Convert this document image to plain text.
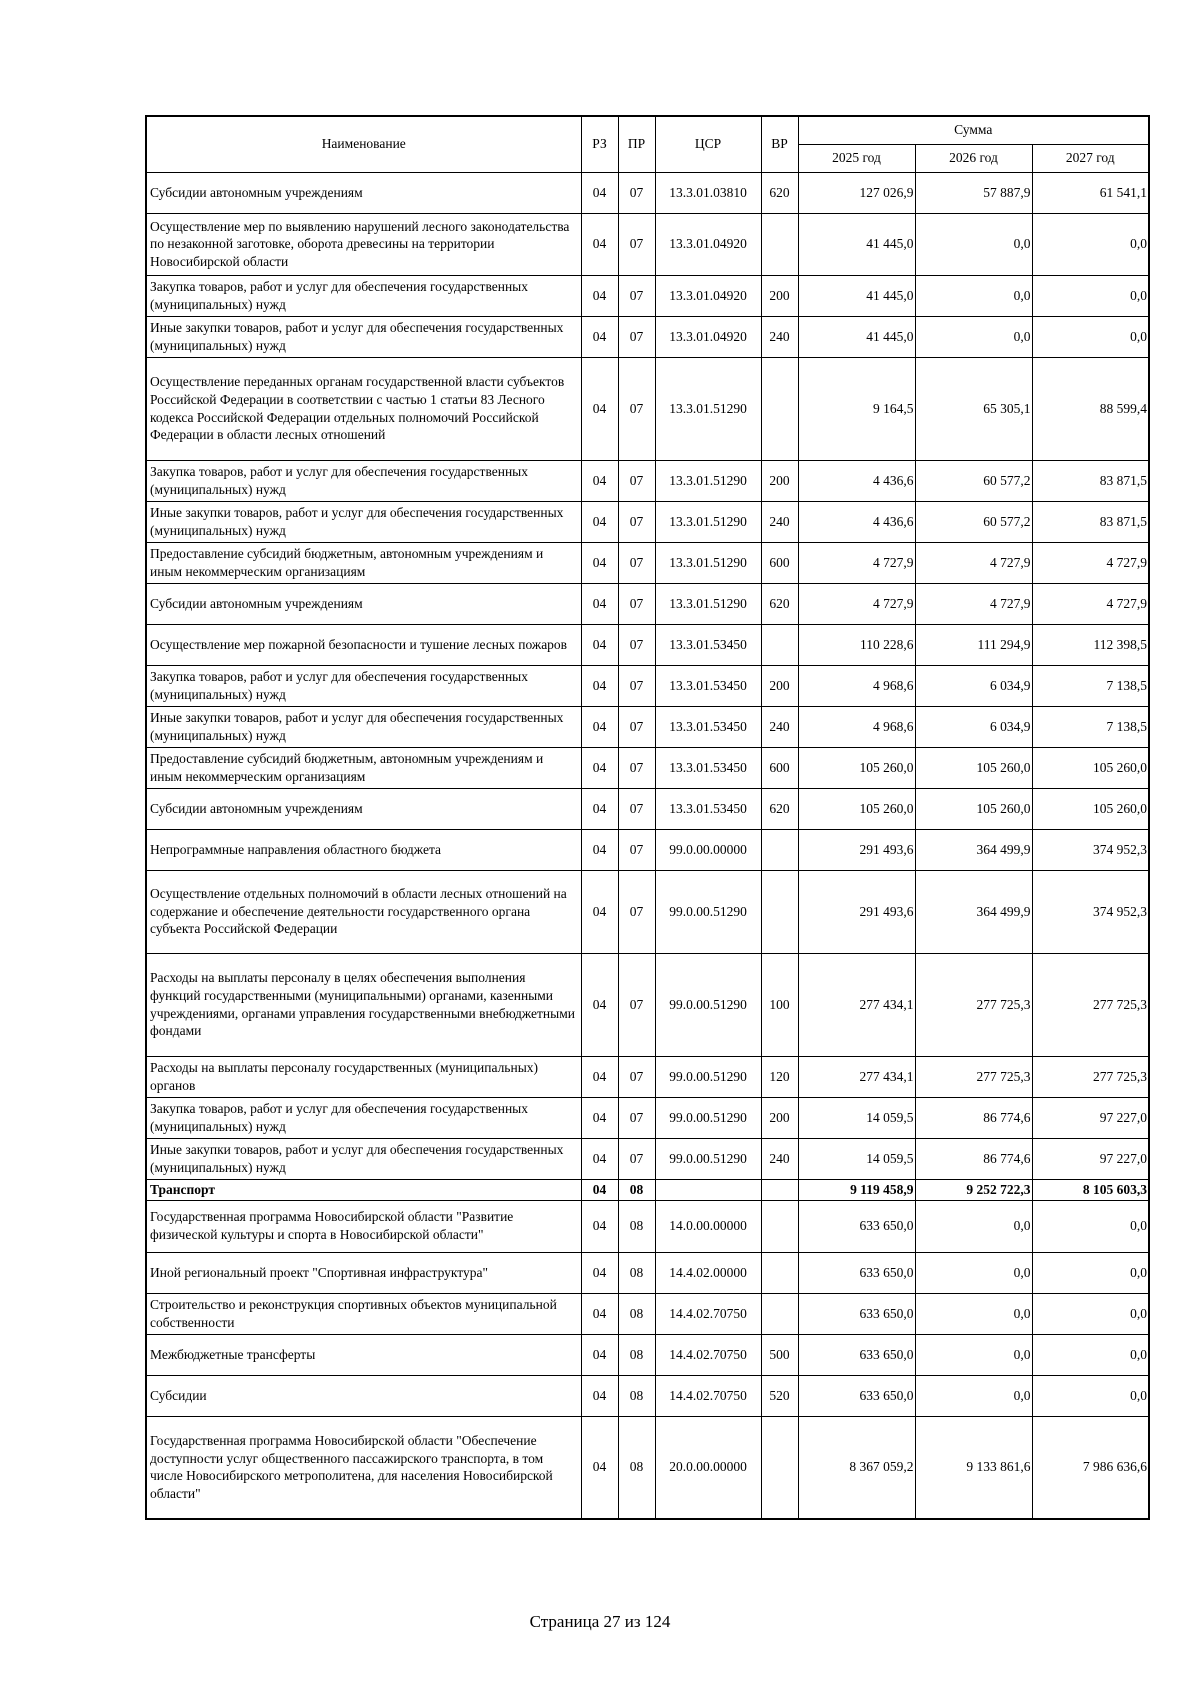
Наименование	РЗ	ПР	ЦСР	ВР	Сумма		
					2025 год	2026 год	2027 год
Субсидии автономным учреждениям	04	07	13.3.01.03810	620	127 026,9	57 887,9	61 541,1
Осуществление мер по выявлению нарушений лесного законодательства по незаконной заготовке, оборота древесины на территории Новосибирской области	04	07	13.3.01.04920		41 445,0	0,0	0,0
Закупка товаров, работ и услуг для обеспечения государственных (муниципальных) нужд	04	07	13.3.01.04920	200	41 445,0	0,0	0,0
Иные закупки товаров, работ и услуг для обеспечения государственных (муниципальных) нужд	04	07	13.3.01.04920	240	41 445,0	0,0	0,0
Осуществление переданных органам государственной власти субъектов Российской Федерации в соответствии с частью 1 статьи 83 Лесного кодекса Российской Федерации отдельных полномочий Российской Федерации в области лесных отношений	04	07	13.3.01.51290		9 164,5	65 305,1	88 599,4
Закупка товаров, работ и услуг для обеспечения государственных (муниципальных) нужд	04	07	13.3.01.51290	200	4 436,6	60 577,2	83 871,5
Иные закупки товаров, работ и услуг для обеспечения государственных (муниципальных) нужд	04	07	13.3.01.51290	240	4 436,6	60 577,2	83 871,5
Предоставление субсидий бюджетным, автономным учреждениям и иным некоммерческим организациям	04	07	13.3.01.51290	600	4 727,9	4 727,9	4 727,9
Субсидии автономным учреждениям	04	07	13.3.01.51290	620	4 727,9	4 727,9	4 727,9
Осуществление мер пожарной безопасности и тушение лесных пожаров	04	07	13.3.01.53450		110 228,6	111 294,9	112 398,5
Закупка товаров, работ и услуг для обеспечения государственных (муниципальных) нужд	04	07	13.3.01.53450	200	4 968,6	6 034,9	7 138,5
Иные закупки товаров, работ и услуг для обеспечения государственных (муниципальных) нужд	04	07	13.3.01.53450	240	4 968,6	6 034,9	7 138,5
Предоставление субсидий бюджетным, автономным учреждениям и иным некоммерческим организациям	04	07	13.3.01.53450	600	105 260,0	105 260,0	105 260,0
Субсидии автономным учреждениям	04	07	13.3.01.53450	620	105 260,0	105 260,0	105 260,0
Непрограммные направления областного бюджета	04	07	99.0.00.00000		291 493,6	364 499,9	374 952,3
Осуществление отдельных полномочий в области лесных отношений на содержание и обеспечение деятельности государственного органа субъекта Российской Федерации	04	07	99.0.00.51290		291 493,6	364 499,9	374 952,3
Расходы на выплаты персоналу в целях обеспечения выполнения функций государственными (муниципальными) органами, казенными учреждениями, органами управления государственными внебюджетными фондами	04	07	99.0.00.51290	100	277 434,1	277 725,3	277 725,3
Расходы на выплаты персоналу государственных (муниципальных) органов	04	07	99.0.00.51290	120	277 434,1	277 725,3	277 725,3
Закупка товаров, работ и услуг для обеспечения государственных (муниципальных) нужд	04	07	99.0.00.51290	200	14 059,5	86 774,6	97 227,0
Иные закупки товаров, работ и услуг для обеспечения государственных (муниципальных) нужд	04	07	99.0.00.51290	240	14 059,5	86 774,6	97 227,0
Транспорт	04	08			9 119 458,9	9 252 722,3	8 105 603,3
Государственная программа Новосибирской области "Развитие физической культуры и спорта в Новосибирской области"	04	08	14.0.00.00000		633 650,0	0,0	0,0
Иной региональный проект "Спортивная инфраструктура"	04	08	14.4.02.00000		633 650,0	0,0	0,0
Строительство и реконструкция спортивных объектов муниципальной собственности	04	08	14.4.02.70750		633 650,0	0,0	0,0
Межбюджетные трансферты	04	08	14.4.02.70750	500	633 650,0	0,0	0,0
Субсидии	04	08	14.4.02.70750	520	633 650,0	0,0	0,0
Государственная программа Новосибирской области "Обеспечение доступности услуг общественного пассажирского транспорта, в том числе Новосибирского метрополитена, для населения Новосибирской области"	04	08	20.0.00.00000		8 367 059,2	9 133 861,6	7 986 636,6
Страница 27 из 124
